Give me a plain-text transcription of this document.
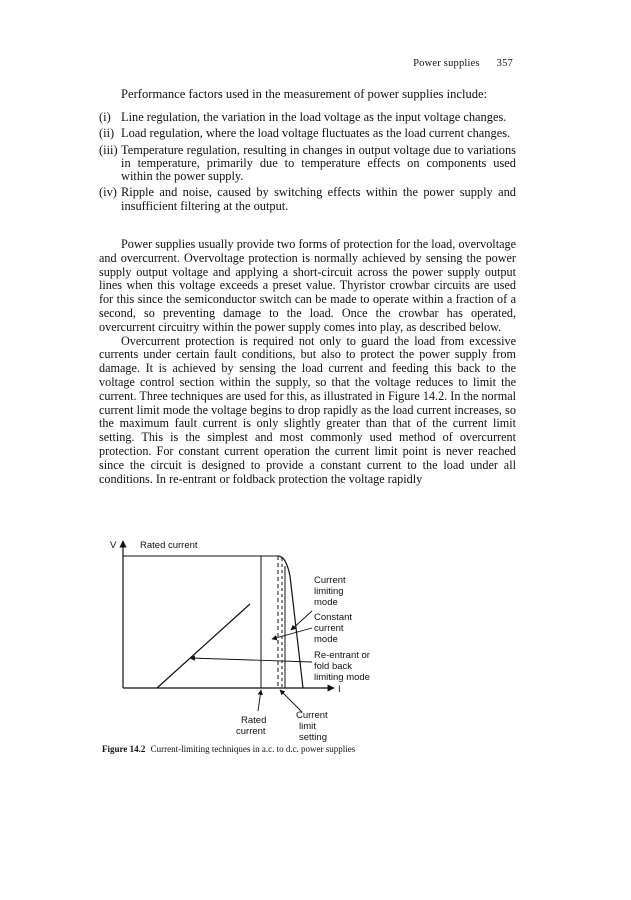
Power supplies 357
Performance factors used in the measurement of power supplies include:
(i) Line regulation, the variation in the load voltage as the input voltage changes.
(ii) Load regulation, where the load voltage fluctuates as the load current changes.
(iii) Temperature regulation, resulting in changes in output voltage due to variations in temperature, primarily due to temperature effects on components used within the power supply.
(iv) Ripple and noise, caused by switching effects within the power supply and insufficient filtering at the output.

Power supplies usually provide two forms of protection for the load, overvoltage and overcurrent. Overvoltage protection is normally achieved by sensing the power supply output voltage and applying a short-circuit across the power supply output lines when this voltage exceeds a preset value. Thyristor crowbar circuits are used for this since the semiconductor switch can be made to operate within a fraction of a second, so preventing damage to the load. Once the crowbar has operated, overcurrent circuitry within the power supply comes into play, as described below.

Overcurrent protection is required not only to guard the load from excessive currents under certain fault conditions, but also to protect the power supply from damage. It is achieved by sensing the load current and feeding this back to the voltage control section within the supply, so that the voltage reduces to limit the current. Three techniques are used for this, as illustrated in Figure 14.2. In the normal current limit mode the voltage begins to drop rapidly as the load current increases, so the maximum fault current is only slightly greater than that of the current limit setting. This is the simplest and most commonly used method of overcurrent protection. For constant current operation the current limit point is never reached since the circuit is designed to provide a constant current to the load under all conditions. In re-entrant or foldback protection the voltage rapidly

V
I
Rated current
Current limiting mode
Constant current mode
Re-entrant or fold back limiting mode
Rated current
Current limit setting
Figure 14.2 Current-limiting techniques in a.c. to d.c. power supplies
